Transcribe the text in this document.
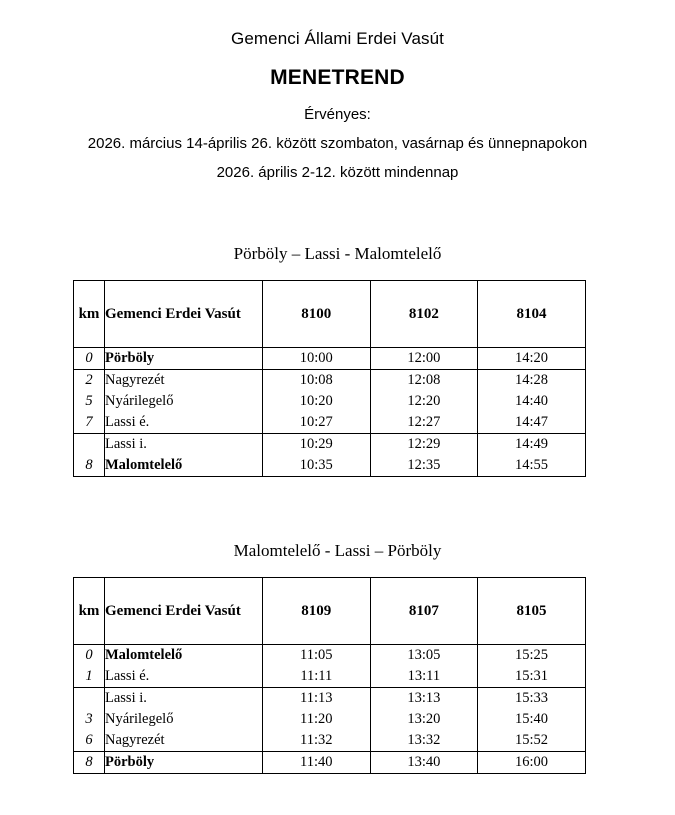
Gemenci Állami Erdei Vasút
MENETREND
Érvényes:
2026. március 14-április 26. között szombaton, vasárnap és ünnepnapokon
2026. április 2-12. között mindennap
Pörböly – Lassi - Malomtelelő
km	Gemenci Erdei Vasút	8100	8102	8104
0	Pörböly	10:00	12:00	14:20
2	Nagyrezét	10:08	12:08	14:28
5	Nyárilegelő	10:20	12:20	14:40
7	Lassi é.	10:27	12:27	14:47
	Lassi i.	10:29	12:29	14:49
8	Malomtelelő	10:35	12:35	14:55
Malomtelelő - Lassi – Pörböly
km	Gemenci Erdei Vasút	8109	8107	8105
0	Malomtelelő	11:05	13:05	15:25
1	Lassi é.	11:11	13:11	15:31
	Lassi i.	11:13	13:13	15:33
3	Nyárilegelő	11:20	13:20	15:40
6	Nagyrezét	11:32	13:32	15:52
8	Pörböly	11:40	13:40	16:00
